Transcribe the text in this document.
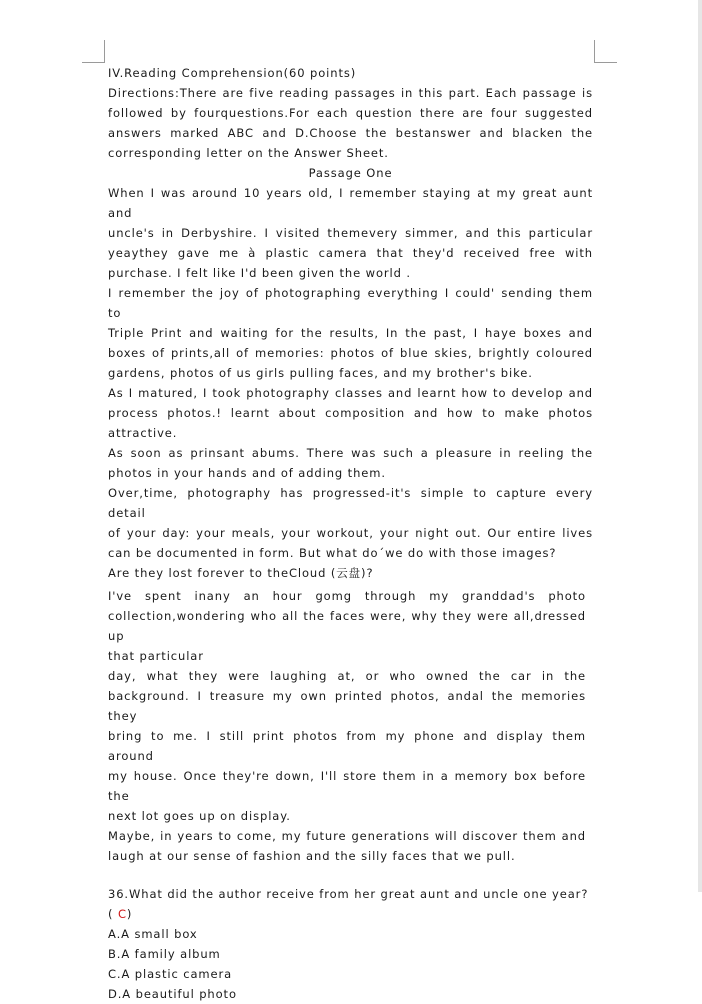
IV.Reading Comprehension(60 points)
Directions:There are five reading passages in this part. Each passage is
followed by fourquestions.For each question there are four suggested
answers marked ABC and D.Choose the bestanswer and blacken the
corresponding letter on the Answer Sheet.
Passage One
When I was around 10 years old, I remember staying at my great aunt and
uncle's in Derbyshire. I visited themevery simmer, and this particular
yeaythey gave me à plastic camera that they'd received free with
purchase. I felt like I'd been given the world .
I remember the joy of photographing everything I could' sending them to
Triple Print and waiting for the results, In the past, I haye boxes and
boxes of prints,all of memories: photos of blue skies, brightly coloured
gardens, photos of us girls pulling faces, and my brother's bike.
As I matured, I took photography classes and learnt how to develop and
process photos.! learnt about composition and how to make photos
attractive.
As soon as prinsant abums. There was such a pleasure in reeling the
photos in your hands and of adding them.
Over,time, photography has progressed-it's simple to capture every detail
of your day: your meals, your workout, your night out. Our entire lives
can be documented in form. But what do´we do with those images?
Are they lost forever to theCloud (云盘)?
I've spent inany an hour gomg through my granddad's photo
collection,wondering who all the faces were, why they were all,dressed up
that particular
day, what they were laughing at, or who owned the car in the
background. I treasure my own printed photos, andal the memories they
bring to me. I still print photos from my phone and display them around
my house. Once they're down, I'll store them in a memory box before the
next lot goes up on display.
Maybe, in years to come, my future generations will discover them and
laugh at our sense of fashion and the silly faces that we pull.
36.What did the author receive from her great aunt and uncle one year?
( C)
A.A small box
B.A family album
C.A plastic camera
D.A beautiful photo
